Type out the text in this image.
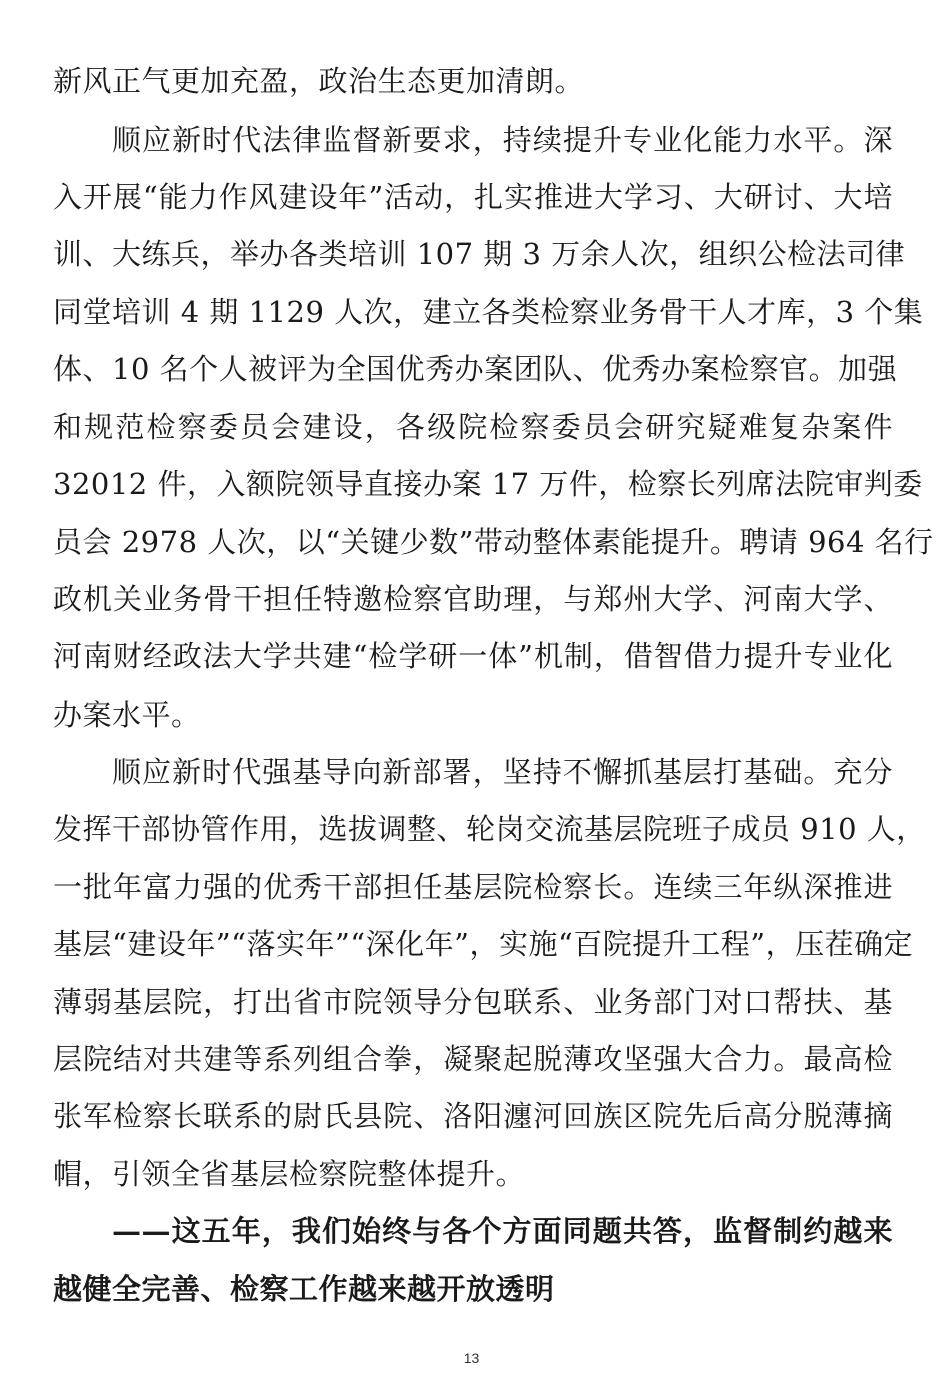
新风正气更加充盈，政治生态更加清朗。
顺应新时代法律监督新要求，持续提升专业化能力水平。深
入开展“能力作风建设年”活动，扎实推进大学习、大研讨、大培
训、大练兵，举办各类培训 107 期 3 万余人次，组织公检法司律
同堂培训 4 期 1129 人次，建立各类检察业务骨干人才库，3 个集
体、10 名个人被评为全国优秀办案团队、优秀办案检察官。加强
和规范检察委员会建设，各级院检察委员会研究疑难复杂案件
32012 件，入额院领导直接办案 17 万件，检察长列席法院审判委
员会 2978 人次，以“关键少数”带动整体素能提升。聘请 964 名行
政机关业务骨干担任特邀检察官助理，与郑州大学、河南大学、
河南财经政法大学共建“检学研一体”机制，借智借力提升专业化
办案水平。
顺应新时代强基导向新部署，坚持不懈抓基层打基础。充分
发挥干部协管作用，选拔调整、轮岗交流基层院班子成员 910 人，
一批年富力强的优秀干部担任基层院检察长。连续三年纵深推进
基层“建设年”“落实年”“深化年”，实施“百院提升工程”，压茬确定
薄弱基层院，打出省市院领导分包联系、业务部门对口帮扶、基
层院结对共建等系列组合拳，凝聚起脱薄攻坚强大合力。最高检
张军检察长联系的尉氏县院、洛阳瀍河回族区院先后高分脱薄摘
帽，引领全省基层检察院整体提升。
——这五年，我们始终与各个方面同题共答，监督制约越来
越健全完善、检察工作越来越开放透明
13
